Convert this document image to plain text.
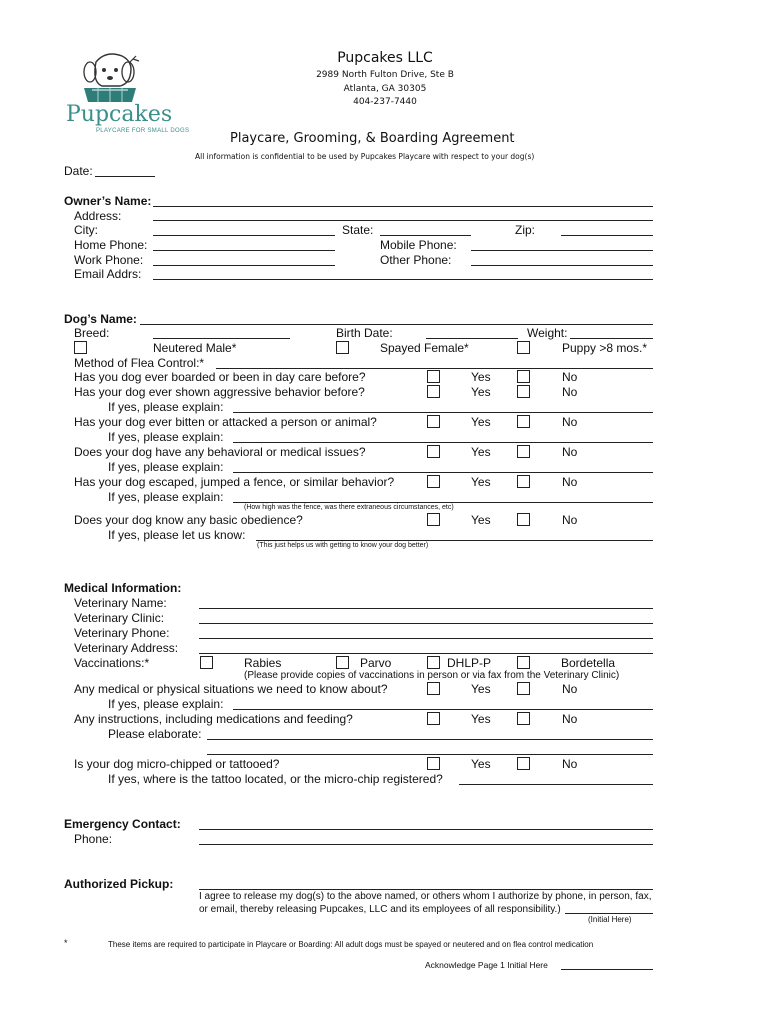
Pupcakes
PLAYCARE FOR SMALL DOGS
Pupcakes LLC
2989 North Fulton Drive, Ste B
Atlanta, GA 30305
404-237-7440
Playcare, Grooming, & Boarding Agreement
All information is confidential to be used by Pupcakes Playcare with respect to your dog(s)
Date:
Owner’s Name:
Address:
City:	State:	Zip:
Home Phone:	Mobile Phone:
Work Phone:	Other Phone:
Email Addrs:
Dog’s Name:
Breed:	Birth Date:	Weight:
Neutered Male*	Spayed Female*	Puppy >8 mos.*
Method of Flea Control:*
Has you dog ever boarded or been in day care before?	Yes	No
Has your dog ever shown aggressive behavior before?	Yes	No
If yes, please explain:
Has your dog ever bitten or attacked a person or animal?	Yes	No
If yes, please explain:
Does your dog have any behavioral or medical issues?	Yes	No
If yes, please explain:
Has your dog escaped, jumped a fence, or similar behavior?	Yes	No
If yes, please explain:
(How high was the fence, was there extraneous circumstances, etc)
Does your dog know any basic obedience?	Yes	No
If yes, please let us know:
(This just helps us with getting to know your dog better)
Medical Information:
Veterinary Name:
Veterinary Clinic:
Veterinary Phone:
Veterinary Address:
Vaccinations:*	Rabies	Parvo	DHLP-P	Bordetella
(Please provide copies of vaccinations in person or via fax from the Veterinary Clinic)
Any medical or physical situations we need to know about?	Yes	No
If yes, please explain:
Any instructions, including medications and feeding?	Yes	No
Please elaborate:
Is your dog micro-chipped or tattooed?	Yes	No
If yes, where is the tattoo located, or the micro-chip registered?
Emergency Contact:
Phone:
Authorized Pickup:
I agree to release my dog(s) to the above named, or others whom I authorize by phone, in person, fax,
or email, thereby releasing Pupcakes, LLC and its employees of all responsibility.)
(Initial Here)
*	These items are required to participate in Playcare or Boarding: All adult dogs must be spayed or neutered and on flea control medication
Acknowledge Page 1 Initial Here
